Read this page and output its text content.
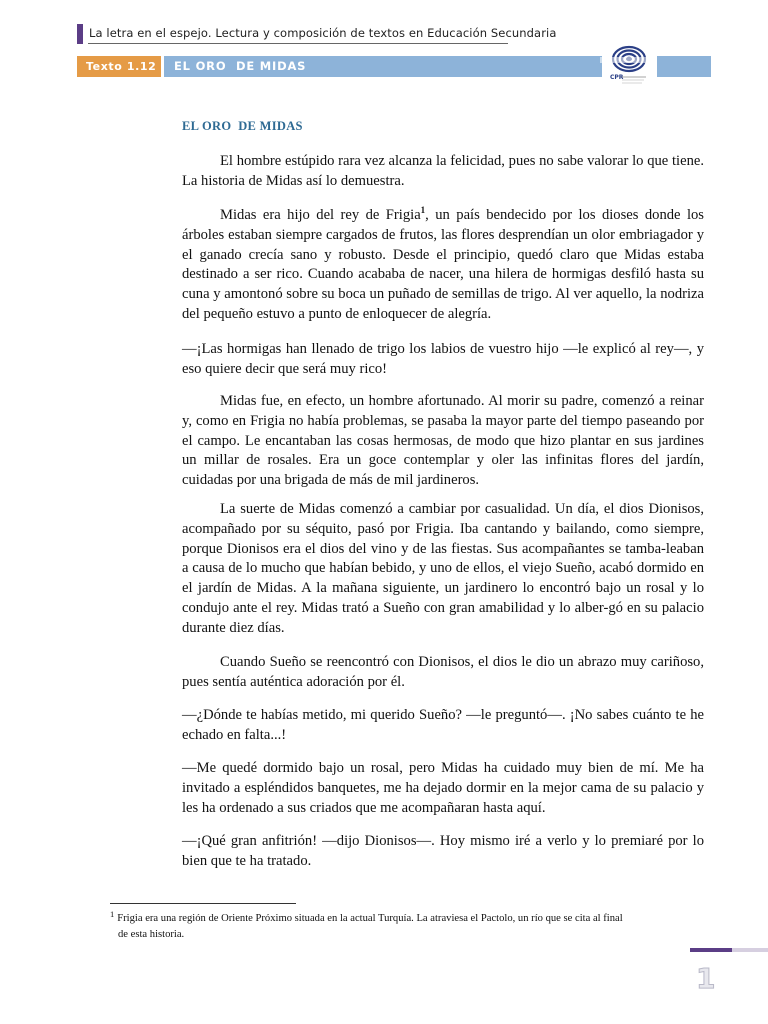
La letra en el espejo. Lectura y composición de textos en Educación Secundaria
Texto 1.12	EL ORO  DE MIDAS
CPR
EL ORO  DE MIDAS

El hombre estúpido rara vez alcanza la felicidad, pues no sabe valorar lo que tiene. La historia de Midas así lo demuestra.

Midas era hijo del rey de Frigia$^1$, un país bendecido por los dioses donde los árboles estaban siempre cargados de frutos, las flores desprendían un olor embriagador y el ganado crecía sano y robusto. Desde el principio, quedó claro que Midas estaba destinado a ser rico. Cuando acababa de nacer, una hilera de hormigas desfiló hasta su cuna y amontonó sobre su boca un puñado de semillas de trigo. Al ver aquello, la nodriza del pequeño estuvo a punto de enloquecer de alegría.

—¡Las hormigas han llenado de trigo los labios de vuestro hijo —le explicó al rey—, y eso quiere decir que será muy rico!

Midas fue, en efecto, un hombre afortunado. Al morir su padre, comenzó a reinar y, como en Frigia no había problemas, se pasaba la mayor parte del tiempo paseando por el campo. Le encantaban las cosas hermosas, de modo que hizo plantar en sus jardines un millar de rosales. Era un goce contemplar y oler las infinitas flores del jardín, cuidadas por una brigada de más de mil jardineros.

La suerte de Midas comenzó a cambiar por casualidad. Un día, el dios Dionisos, acompañado por su séquito, pasó por Frigia. Iba cantando y bailando, como siempre, porque Dionisos era el dios del vino y de las fiestas. Sus acompañantes se tamba-leaban a causa de lo mucho que habían bebido, y uno de ellos, el viejo Sueño, acabó dormido en el jardín de Midas. A la mañana siguiente, un jardinero lo encontró bajo un rosal y lo condujo ante el rey. Midas trató a Sueño con gran amabilidad y lo alber-gó en su palacio durante diez días.

Cuando Sueño se reencontró con Dionisos, el dios le dio un abrazo muy cariñoso, pues sentía auténtica adoración por él.

—¿Dónde te habías metido, mi querido Sueño? —le preguntó—. ¡No sabes cuánto te he echado en falta...!

—Me quedé dormido bajo un rosal, pero Midas ha cuidado muy bien de mí. Me ha invitado a espléndidos banquetes, me ha dejado dormir en la mejor cama de su palacio y les ha ordenado a sus criados que me acompañaran hasta aquí.

—¡Qué gran anfitrión! —dijo Dionisos—. Hoy mismo iré a verlo y lo premiaré por lo bien que te ha tratado.

$^1$ Frigia era una región de Oriente Próximo situada en la actual Turquía. La atraviesa el Pactolo, un río que se cita al final
de esta historia.
1
